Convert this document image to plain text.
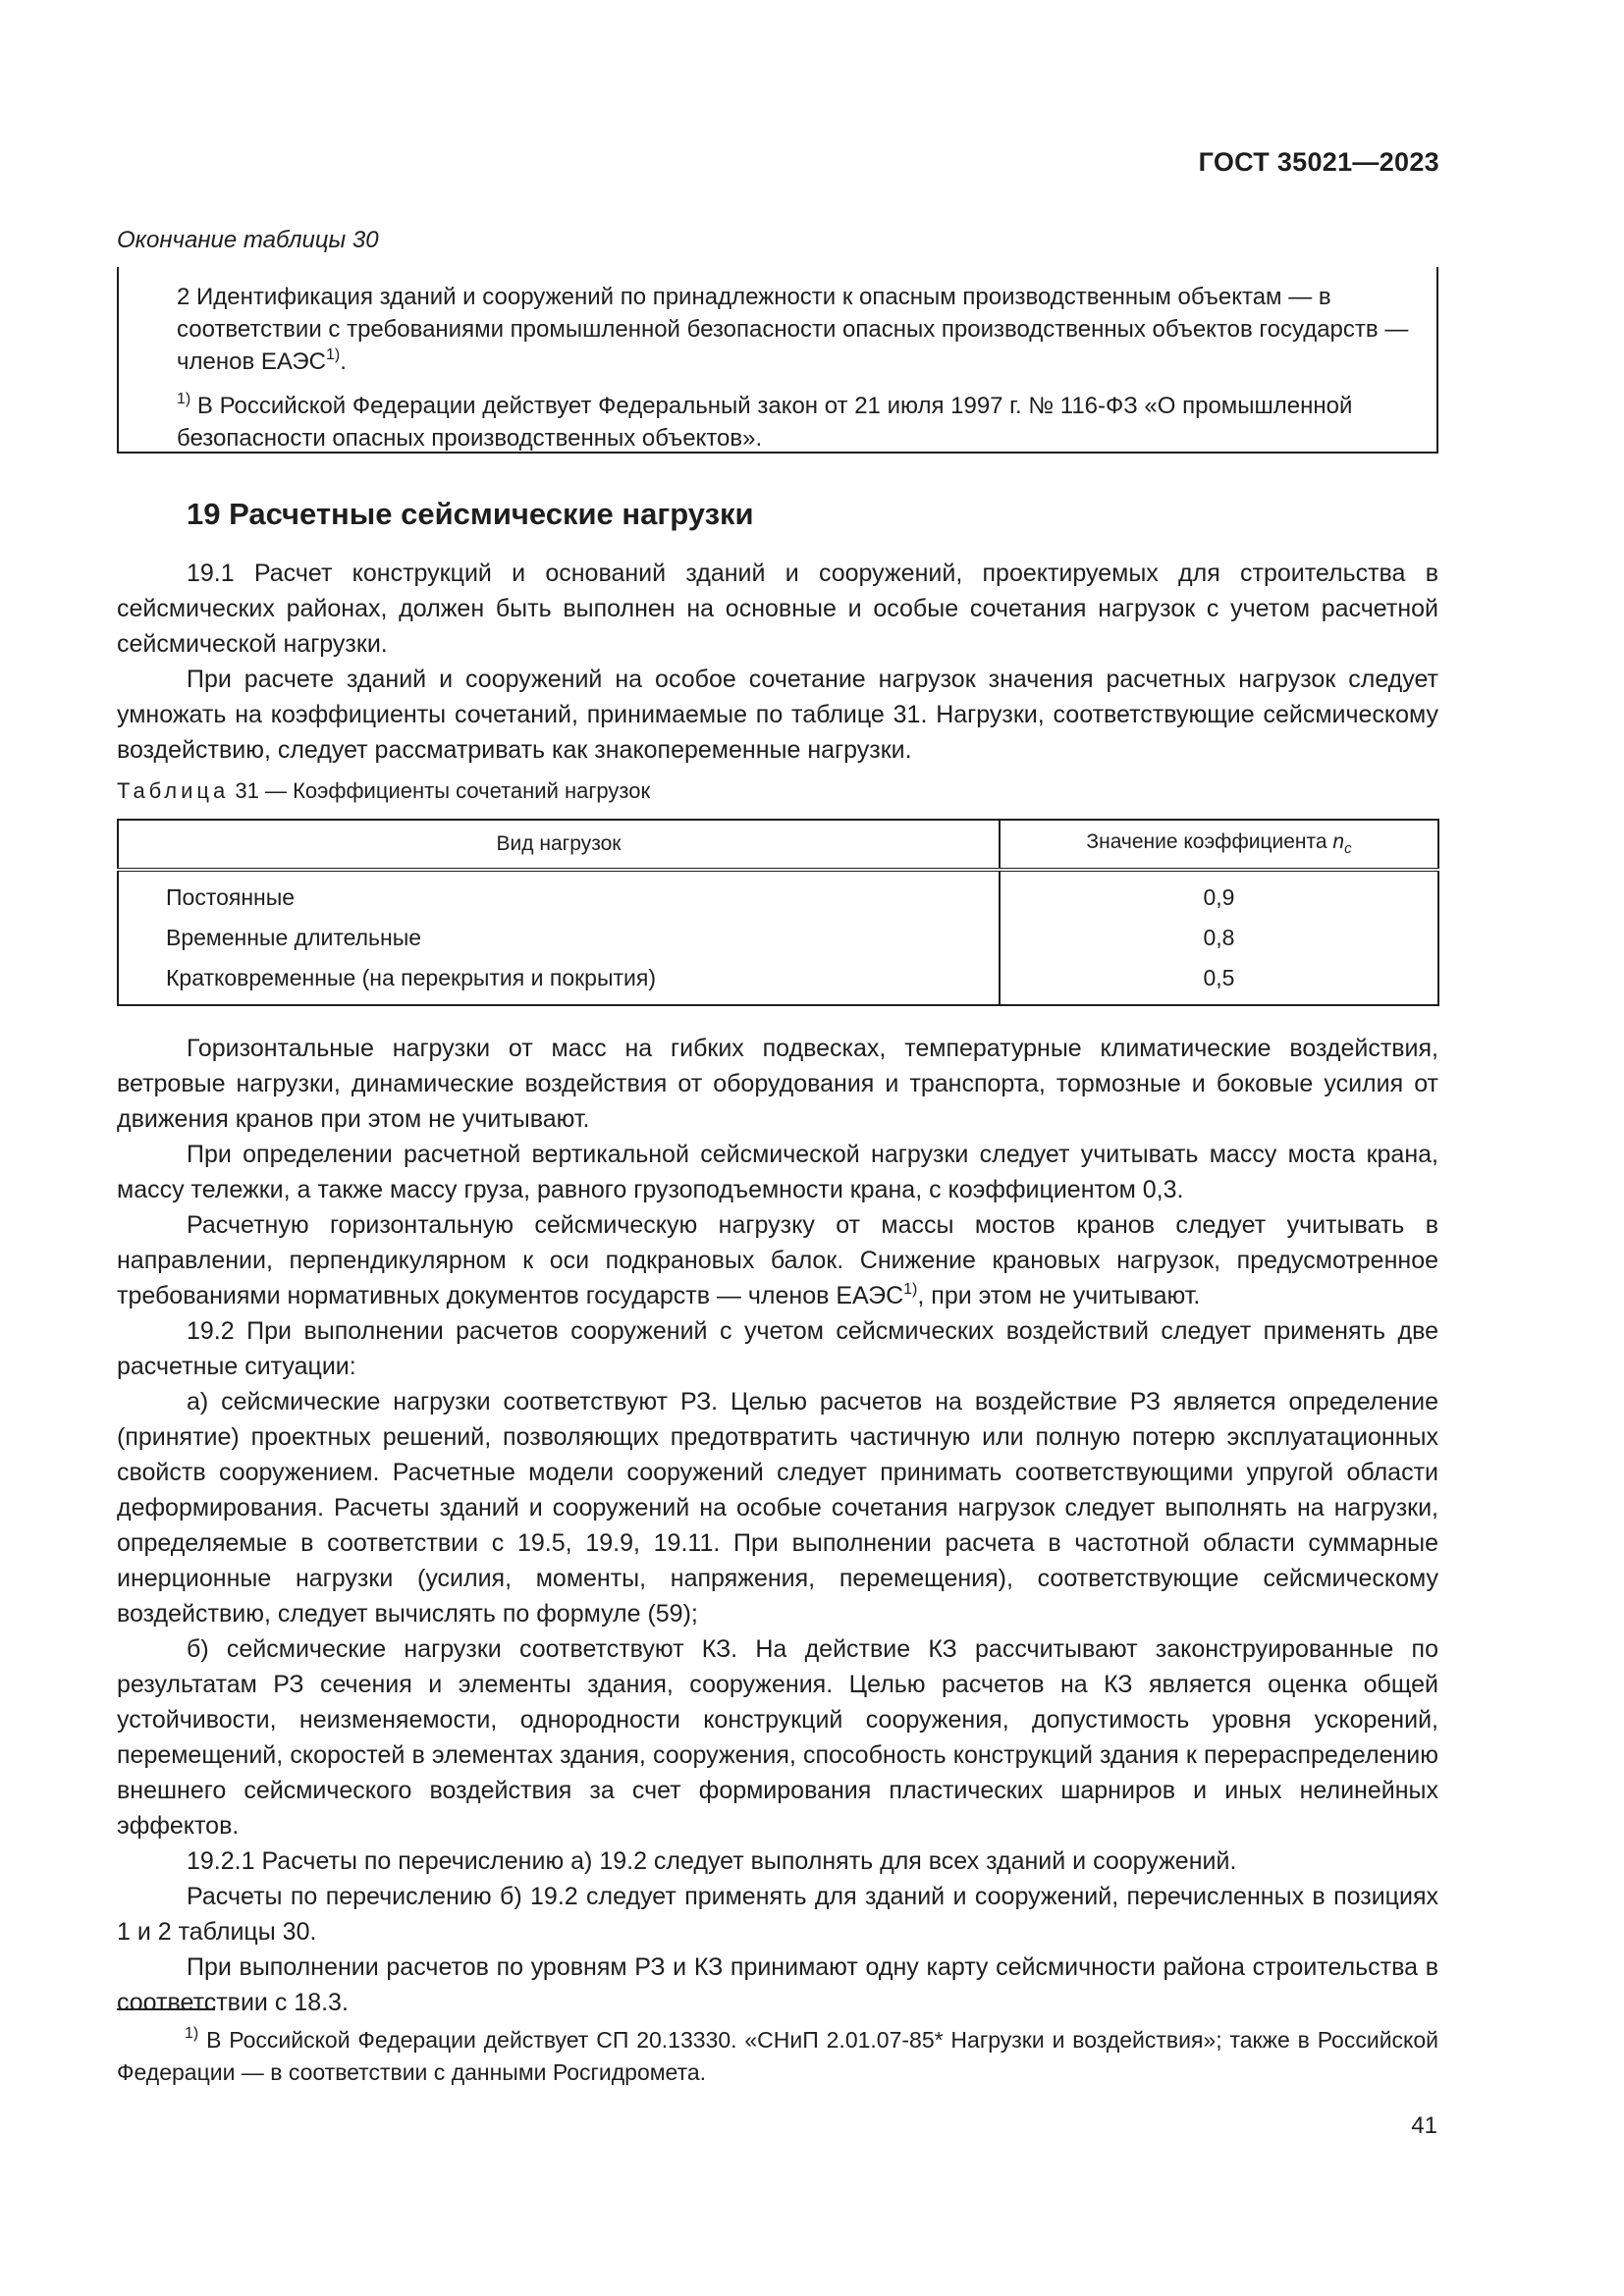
ГОСТ 35021—2023
Окончание таблицы 30

2 Идентификация зданий и сооружений по принадлежности к опасным производственным объектам — в соответствии с требованиями промышленной безопасности опасных производственных объектов государств — членов ЕАЭС$^{1)}$.

$^{1)}$ В Российской Федерации действует Федеральный закон от 21 июля 1997 г. № 116-ФЗ «О промышленной безопасности опасных производственных объектов».

19 Расчетные сейсмические нагрузки

19.1 Расчет конструкций и оснований зданий и сооружений, проектируемых для строительства в сейсмических районах, должен быть выполнен на основные и особые сочетания нагрузок с учетом расчетной сейсмической нагрузки.

При расчете зданий и сооружений на особое сочетание нагрузок значения расчетных нагрузок следует умножать на коэффициенты сочетаний, принимаемые по таблице 31. Нагрузки, соответствующие сейсмическому воздействию, следует рассматривать как знакопеременные нагрузки.

Таблица 31 — Коэффициенты сочетаний нагрузок
Вид нагрузок	Значение коэффициента $n_c$
Постоянные	0,9
Временные длительные	0,8
Кратковременные (на перекрытия и покрытия)	0,5

Горизонтальные нагрузки от масс на гибких подвесках, температурные климатические воздействия, ветровые нагрузки, динамические воздействия от оборудования и транспорта, тормозные и боковые усилия от движения кранов при этом не учитывают.

При определении расчетной вертикальной сейсмической нагрузки следует учитывать массу моста крана, массу тележки, а также массу груза, равного грузоподъемности крана, с коэффициентом 0,3.

Расчетную горизонтальную сейсмическую нагрузку от массы мостов кранов следует учитывать в направлении, перпендикулярном к оси подкрановых балок. Снижение крановых нагрузок, предусмотренное требованиями нормативных документов государств — членов ЕАЭС$^{1)}$, при этом не учитывают.

19.2 При выполнении расчетов сооружений с учетом сейсмических воздействий следует применять две расчетные ситуации:

а) сейсмические нагрузки соответствуют РЗ. Целью расчетов на воздействие РЗ является определение (принятие) проектных решений, позволяющих предотвратить частичную или полную потерю эксплуатационных свойств сооружением. Расчетные модели сооружений следует принимать соответствующими упругой области деформирования. Расчеты зданий и сооружений на особые сочетания нагрузок следует выполнять на нагрузки, определяемые в соответствии с 19.5, 19.9, 19.11. При выполнении расчета в частотной области суммарные инерционные нагрузки (усилия, моменты, напряжения, перемещения), соответствующие сейсмическому воздействию, следует вычислять по формуле (59);

б) сейсмические нагрузки соответствуют КЗ. На действие КЗ рассчитывают законструированные по результатам РЗ сечения и элементы здания, сооружения. Целью расчетов на КЗ является оценка общей устойчивости, неизменяемости, однородности конструкций сооружения, допустимость уровня ускорений, перемещений, скоростей в элементах здания, сооружения, способность конструкций здания к перераспределению внешнего сейсмического воздействия за счет формирования пластических шарниров и иных нелинейных эффектов.

19.2.1 Расчеты по перечислению а) 19.2 следует выполнять для всех зданий и сооружений.

Расчеты по перечислению б) 19.2 следует применять для зданий и сооружений, перечисленных в позициях 1 и 2 таблицы 30.

При выполнении расчетов по уровням РЗ и КЗ принимают одну карту сейсмичности района строительства в соответствии с 18.3.

$^{1)}$ В Российской Федерации действует СП 20.13330. «СНиП 2.01.07-85* Нагрузки и воздействия»; также в Российской Федерации — в соответствии с данными Росгидромета.
41
